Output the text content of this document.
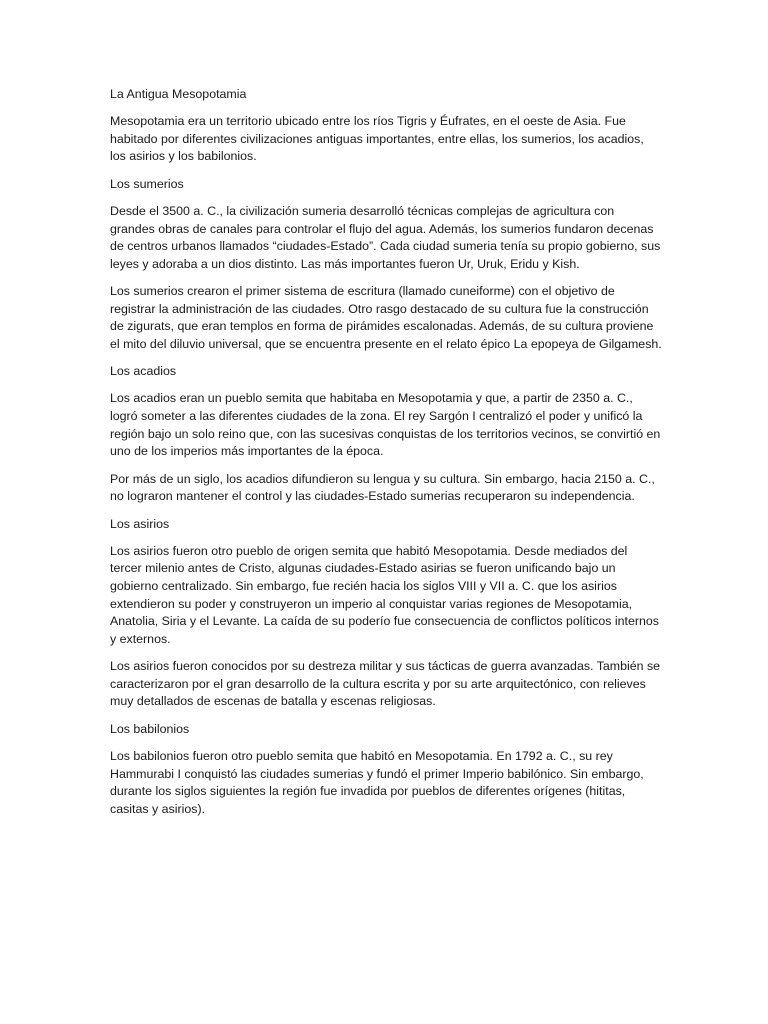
La Antigua Mesopotamia

Mesopotamia era un territorio ubicado entre los ríos Tigris y Éufrates, en el oeste de Asia. Fue habitado por diferentes civilizaciones antiguas importantes, entre ellas, los sumerios, los acadios, los asirios y los babilonios.

Los sumerios

Desde el 3500 a. C., la civilización sumeria desarrolló técnicas complejas de agricultura con grandes obras de canales para controlar el flujo del agua. Además, los sumerios fundaron decenas de centros urbanos llamados “ciudades-Estado”. Cada ciudad sumeria tenía su propio gobierno, sus leyes y adoraba a un dios distinto. Las más importantes fueron Ur, Uruk, Eridu y Kish.

Los sumerios crearon el primer sistema de escritura (llamado cuneiforme) con el objetivo de registrar la administración de las ciudades. Otro rasgo destacado de su cultura fue la construcción de zigurats, que eran templos en forma de pirámides escalonadas. Además, de su cultura proviene el mito del diluvio universal, que se encuentra presente en el relato épico La epopeya de Gilgamesh.

Los acadios

Los acadios eran un pueblo semita que habitaba en Mesopotamia y que, a partir de 2350 a. C., logró someter a las diferentes ciudades de la zona. El rey Sargón I centralizó el poder y unificó la región bajo un solo reino que, con las sucesivas conquistas de los territorios vecinos, se convirtió en uno de los imperios más importantes de la época.

Por más de un siglo, los acadios difundieron su lengua y su cultura. Sin embargo, hacia 2150 a. C., no lograron mantener el control y las ciudades-Estado sumerias recuperaron su independencia.

Los asirios

Los asirios fueron otro pueblo de origen semita que habitó Mesopotamia. Desde mediados del tercer milenio antes de Cristo, algunas ciudades-Estado asirias se fueron unificando bajo un gobierno centralizado. Sin embargo, fue recién hacia los siglos VIII y VII a. C. que los asirios extendieron su poder y construyeron un imperio al conquistar varias regiones de Mesopotamia, Anatolia, Siria y el Levante. La caída de su poderío fue consecuencia de conflictos políticos internos y externos.

Los asirios fueron conocidos por su destreza militar y sus tácticas de guerra avanzadas. También se caracterizaron por el gran desarrollo de la cultura escrita y por su arte arquitectónico, con relieves muy detallados de escenas de batalla y escenas religiosas.

Los babilonios

Los babilonios fueron otro pueblo semita que habitó en Mesopotamia. En 1792 a. C., su rey Hammurabi I conquistó las ciudades sumerias y fundó el primer Imperio babilónico. Sin embargo, durante los siglos siguientes la región fue invadida por pueblos de diferentes orígenes (hititas, casitas y asirios).
